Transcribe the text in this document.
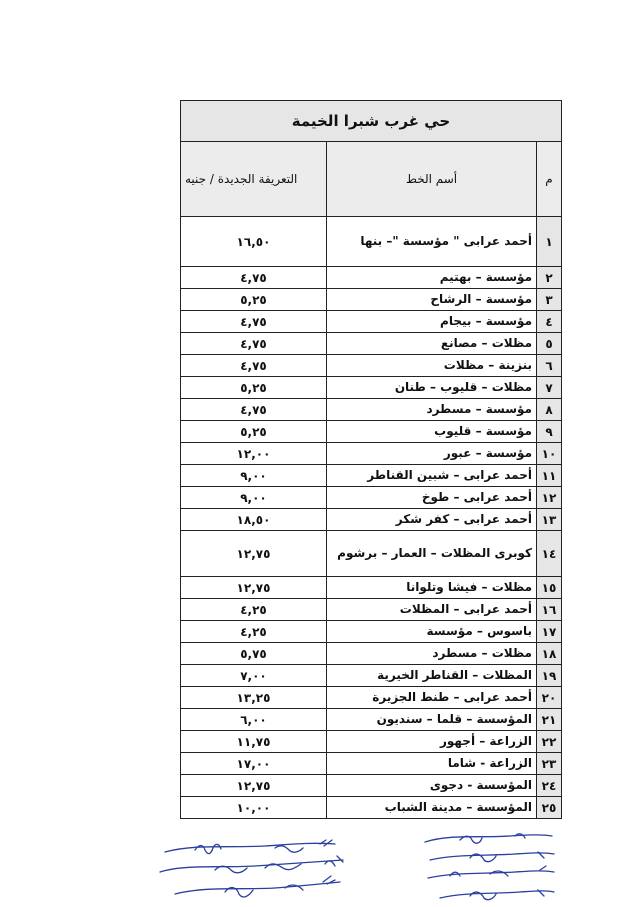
حي غرب شبرا الخيمة		
م	أسم الخط	التعريفة الجديدة / جنيه
١	أحمد عرابى " مؤسسة "– بنها	١٦,٥٠
٢	مؤسسة – بهتيم	٤,٧٥
٣	مؤسسة – الرشاح	٥,٢٥
٤	مؤسسة – بيجام	٤,٧٥
٥	مظلات – مصانع	٤,٧٥
٦	بنزينة – مظلات	٤,٧٥
٧	مظلات – قليوب – طنان	٥,٢٥
٨	مؤسسة – مسطرد	٤,٧٥
٩	مؤسسة – قليوب	٥,٢٥
١٠	مؤسسة – عبور	١٢,٠٠
١١	أحمد عرابى – شبين القناطر	٩,٠٠
١٢	أحمد عرابى – طوخ	٩,٠٠
١٣	أحمد عرابى – كفر شكر	١٨,٥٠
١٤	كوبرى المظلات – العمار – برشوم	١٢,٧٥
١٥	مظلات – فيشا وتلوانا	١٢,٧٥
١٦	أحمد عرابى – المظلات	٤,٢٥
١٧	باسوس – مؤسسة	٤,٢٥
١٨	مظلات – مسطرد	٥,٧٥
١٩	المظلات – القناطر الخيرية	٧,٠٠
٢٠	أحمد عرابى – طنط الجزيرة	١٣,٢٥
٢١	المؤسسة – قلما – سنديون	٦,٠٠
٢٢	الزراعة – أجهور	١١,٧٥
٢٣	الزراعة - شاما	١٧,٠٠
٢٤	المؤسسة - دجوى	١٢,٧٥
٢٥	المؤسسة – مدينة الشباب	١٠,٠٠
